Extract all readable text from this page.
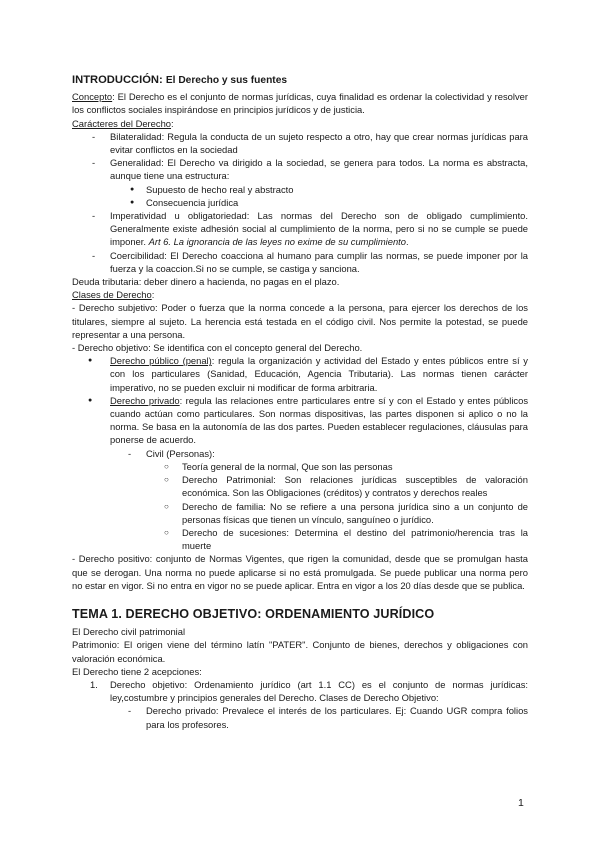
INTRODUCCIÓN: El Derecho y sus fuentes
Concepto: El Derecho es el conjunto de normas jurídicas, cuya finalidad es ordenar la colectividad y resolver los conflictos sociales inspirándose en principios jurídicos y de justicia.
Carácteres del Derecho:
- Bilateralidad: Regula la conducta de un sujeto respecto a otro, hay que crear normas jurídicas para evitar conflictos en la sociedad
- Generalidad: El Derecho va dirigido a la sociedad, se genera para todos. La norma es abstracta, aunque tiene una estructura:
● Supuesto de hecho real y abstracto
● Consecuencia jurídica
- Imperatividad u obligatoriedad: Las normas del Derecho son de obligado cumplimiento. Generalmente existe adhesión social al cumplimiento de la norma, pero si no se cumple se puede imponer. Art 6. La ignorancia de las leyes no exime de su cumplimiento.
- Coercibilidad: El Derecho coacciona al humano para cumplir las normas, se puede imponer por la fuerza y la coaccion.Si no se cumple, se castiga y sanciona.
Deuda tributaria: deber dinero a hacienda, no pagas en el plazo.
Clases de Derecho:
- Derecho subjetivo: Poder o fuerza que la norma concede a la persona, para ejercer los derechos de los titulares, siempre al sujeto. La herencia está testada en el código civil. Nos permite la potestad, se puede representar a una persona.
- Derecho objetivo: Se identifica con el concepto general del Derecho.
● Derecho público (penal): regula la organización y actividad del Estado y entes públicos entre sí y con los particulares (Sanidad, Educación, Agencia Tributaria). Las normas tienen carácter imperativo, no se pueden excluir ni modificar de forma arbitraria.
● Derecho privado: regula las relaciones entre particulares entre sí y con el Estado y entes públicos cuando actúan como particulares. Son normas dispositivas, las partes disponen si aplico o no la norma. Se basa en la autonomía de las dos partes. Pueden establecer regulaciones, cláusulas para ponerse de acuerdo.
- Civil (Personas):
○ Teoría general de la normal, Que son las personas
○ Derecho Patrimonial: Son relaciones jurídicas susceptibles de valoración económica. Son las Obligaciones (créditos) y contratos y derechos reales
○ Derecho de familia: No se refiere a una persona jurídica sino a un conjunto de personas físicas que tienen un vínculo, sanguíneo o jurídico.
○ Derecho de sucesiones: Determina el destino del patrimonio/herencia tras la muerte
- Derecho positivo: conjunto de Normas Vigentes, que rigen la comunidad, desde que se promulgan hasta que se derogan. Una norma no puede aplicarse si no está promulgada. Se puede publicar una norma pero no estar en vigor. Si no entra en vigor no se puede aplicar. Entra en vigor a los 20 días desde que se publica.
TEMA 1. DERECHO OBJETIVO: ORDENAMIENTO JURÍDICO
El Derecho civil patrimonial
Patrimonio: El origen viene del término latín "PATER". Conjunto de bienes, derechos y obligaciones con valoración económica.
El Derecho tiene 2 acepciones:
1. Derecho objetivo: Ordenamiento jurídico (art 1.1 CC) es el conjunto de normas jurídicas: ley,costumbre y principios generales del Derecho. Clases de Derecho Objetivo:
- Derecho privado: Prevalece el interés de los particulares. Ej: Cuando UGR compra folios para los profesores.
1
